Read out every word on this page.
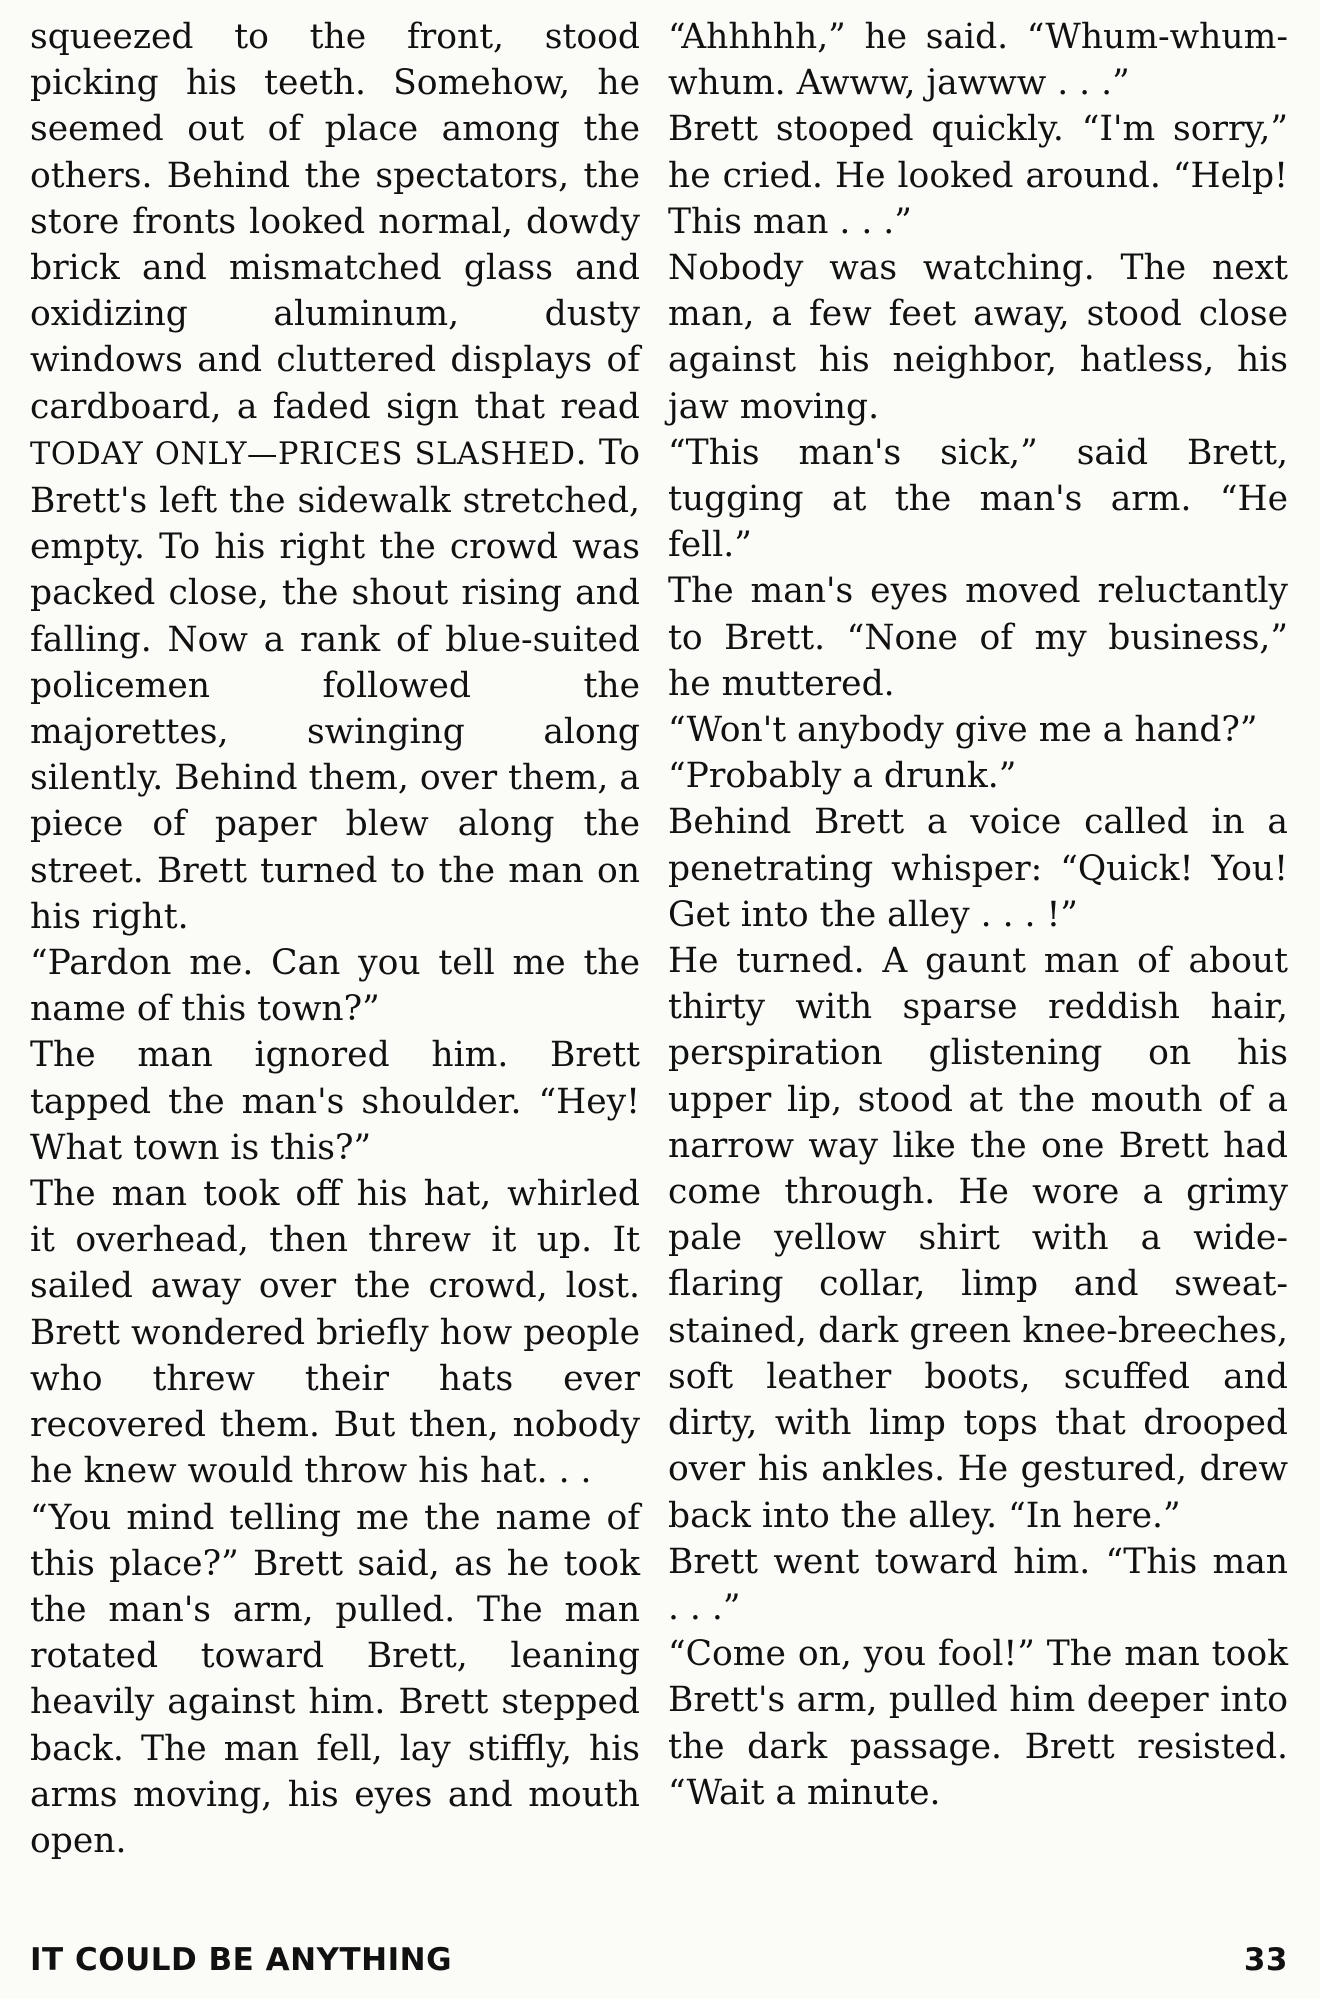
squeezed to the front, stood picking his teeth. Somehow, he seemed out of place among the others. Behind the spectators, the store fronts looked normal, dowdy brick and mismatched glass and oxidizing aluminum, dusty windows and cluttered displays of cardboard, a faded sign that read TODAY ONLY—PRICES SLASHED. To Brett's left the sidewalk stretched, empty. To his right the crowd was packed close, the shout rising and falling. Now a rank of blue-suited policemen followed the majorettes, swinging along silently. Behind them, over them, a piece of paper blew along the street. Brett turned to the man on his right.

“Pardon me. Can you tell me the name of this town?”

The man ignored him. Brett tapped the man's shoulder. “Hey! What town is this?”

The man took off his hat, whirled it overhead, then threw it up. It sailed away over the crowd, lost. Brett wondered briefly how people who threw their hats ever recovered them. But then, nobody he knew would throw his hat. . .

“You mind telling me the name of this place?” Brett said, as he took the man's arm, pulled. The man rotated toward Brett, leaning heavily against him. Brett stepped back. The man fell, lay stiffly, his arms moving, his eyes and mouth open.

“Ahhhhh,” he said. “Whum-whum-whum. Awww, jawww . . .”

Brett stooped quickly. “I'm sorry,” he cried. He looked around. “Help! This man . . .”

Nobody was watching. The next man, a few feet away, stood close against his neighbor, hatless, his jaw moving.

“This man's sick,” said Brett, tugging at the man's arm. “He fell.”

The man's eyes moved reluctantly to Brett. “None of my business,” he muttered.

“Won't anybody give me a hand?”

“Probably a drunk.”

Behind Brett a voice called in a penetrating whisper: “Quick! You! Get into the alley . . . !”

He turned. A gaunt man of about thirty with sparse reddish hair, perspiration glistening on his upper lip, stood at the mouth of a narrow way like the one Brett had come through. He wore a grimy pale yellow shirt with a wide-flaring collar, limp and sweat-stained, dark green knee-breeches, soft leather boots, scuffed and dirty, with limp tops that drooped over his ankles. He gestured, drew back into the alley. “In here.”

Brett went toward him. “This man . . .”

“Come on, you fool!” The man took Brett's arm, pulled him deeper into the dark passage. Brett resisted. “Wait a minute.

IT COULD BE ANYTHING	33
